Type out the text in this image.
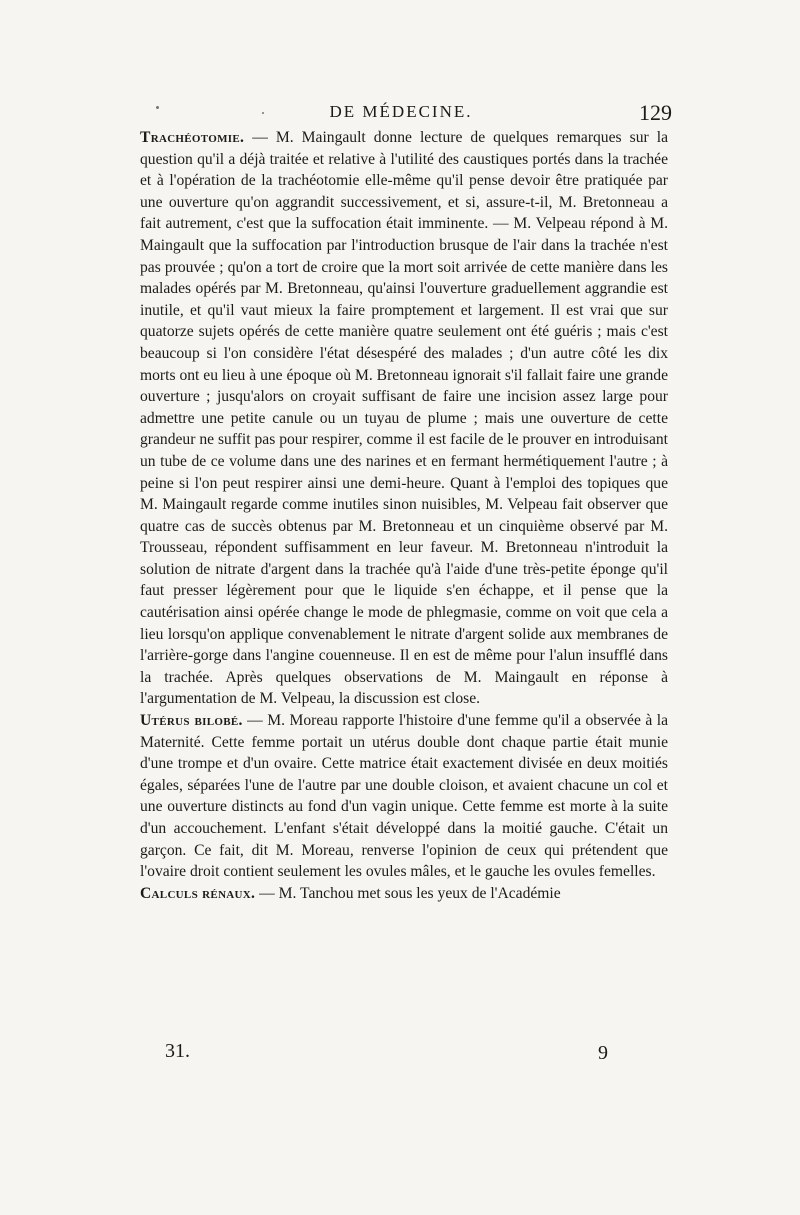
DE MÉDECINE.	129

Trachéotomie. — M. Maingault donne lecture de quelques remarques sur la question qu'il a déjà traitée et relative à l'utilité des caustiques portés dans la trachée et à l'opération de la trachéotomie elle-même qu'il pense devoir être pratiquée par une ouverture qu'on aggrandit successivement, et si, assure-t-il, M. Bretonneau a fait autrement, c'est que la suffocation était imminente. — M. Velpeau répond à M. Maingault que la suffocation par l'introduction brusque de l'air dans la trachée n'est pas prouvée ; qu'on a tort de croire que la mort soit arrivée de cette manière dans les malades opérés par M. Bretonneau, qu'ainsi l'ouverture graduellement aggrandie est inutile, et qu'il vaut mieux la faire promptement et largement. Il est vrai que sur quatorze sujets opérés de cette manière quatre seulement ont été guéris ; mais c'est beaucoup si l'on considère l'état désespéré des malades ; d'un autre côté les dix morts ont eu lieu à une époque où M. Bretonneau ignorait s'il fallait faire une grande ouverture ; jusqu'alors on croyait suffisant de faire une incision assez large pour admettre une petite canule ou un tuyau de plume ; mais une ouverture de cette grandeur ne suffit pas pour respirer, comme il est facile de le prouver en introduisant un tube de ce volume dans une des narines et en fermant hermétiquement l'autre ; à peine si l'on peut respirer ainsi une demi-heure. Quant à l'emploi des topiques que M. Maingault regarde comme inutiles sinon nuisibles, M. Velpeau fait observer que quatre cas de succès obtenus par M. Bretonneau et un cinquième observé par M. Trousseau, répondent suffisamment en leur faveur. M. Bretonneau n'introduit la solution de nitrate d'argent dans la trachée qu'à l'aide d'une très-petite éponge qu'il faut presser légèrement pour que le liquide s'en échappe, et il pense que la cautérisation ainsi opérée change le mode de phlegmasie, comme on voit que cela a lieu lorsqu'on applique convenablement le nitrate d'argent solide aux membranes de l'arrière-gorge dans l'angine couenneuse. Il en est de même pour l'alun insufflé dans la trachée. Après quelques observations de M. Maingault en réponse à l'argumentation de M. Velpeau, la discussion est close.

Utérus bilobé. — M. Moreau rapporte l'histoire d'une femme qu'il a observée à la Maternité. Cette femme portait un utérus double dont chaque partie était munie d'une trompe et d'un ovaire. Cette matrice était exactement divisée en deux moitiés égales, séparées l'une de l'autre par une double cloison, et avaient chacune un col et une ouverture distincts au fond d'un vagin unique. Cette femme est morte à la suite d'un accouchement. L'enfant s'était développé dans la moitié gauche. C'était un garçon. Ce fait, dit M. Moreau, renverse l'opinion de ceux qui prétendent que l'ovaire droit contient seulement les ovules mâles, et le gauche les ovules femelles.

Calculs rénaux. — M. Tanchou met sous les yeux de l'Académie

31.	9
